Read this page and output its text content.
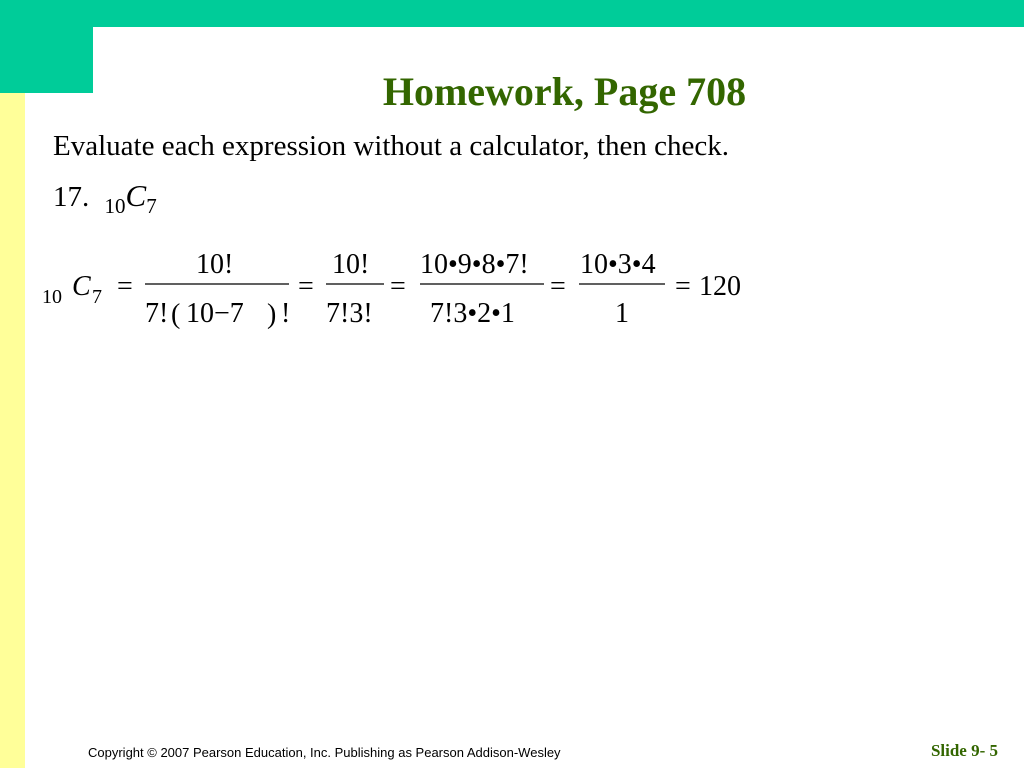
Homework, Page 708
Evaluate each expression without a calculator, then check.
17. $_{10}C_7$
10 C 7 =
10!
7! ( 10−7 ) !
=
10!
7!3!
=
10•9•8•7!
7!3•2•1
=
10•3•4
1
= 120
Copyright © 2007 Pearson Education, Inc. Publishing as Pearson Addison-Wesley	Slide 9- 5
